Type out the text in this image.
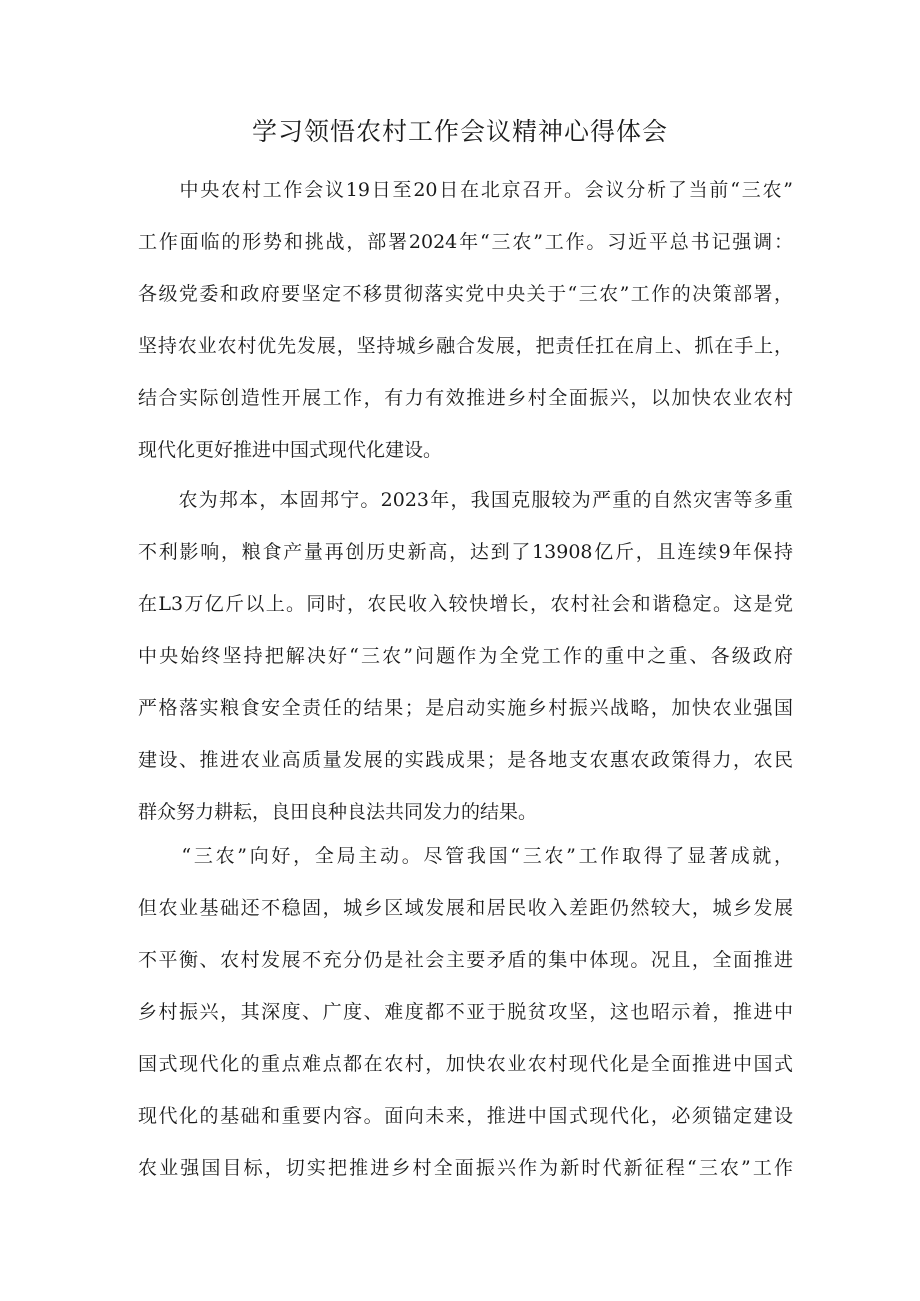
学习领悟农村工作会议精神心得体会

　　中央农村工作会议19日至20日在北京召开。会议分析了当前“三农”
工作面临的形势和挑战，部署2024年“三农”工作。习近平总书记强调：
各级党委和政府要坚定不移贯彻落实党中央关于“三农”工作的决策部署，
坚持农业农村优先发展，坚持城乡融合发展，把责任扛在肩上、抓在手上，
结合实际创造性开展工作，有力有效推进乡村全面振兴，以加快农业农村
现代化更好推进中国式现代化建设。

　　农为邦本，本固邦宁。2023年，我国克服较为严重的自然灾害等多重
不利影响，粮食产量再创历史新高，达到了13908亿斤，且连续9年保持
在L3万亿斤以上。同时，农民收入较快增长，农村社会和谐稳定。这是党
中央始终坚持把解决好“三农”问题作为全党工作的重中之重、各级政府
严格落实粮食安全责任的结果；是启动实施乡村振兴战略，加快农业强国
建设、推进农业高质量发展的实践成果；是各地支农惠农政策得力，农民
群众努力耕耘，良田良种良法共同发力的结果。

　　“三农”向好，全局主动。尽管我国“三农”工作取得了显著成就，
但农业基础还不稳固，城乡区域发展和居民收入差距仍然较大，城乡发展
不平衡、农村发展不充分仍是社会主要矛盾的集中体现。况且，全面推进
乡村振兴，其深度、广度、难度都不亚于脱贫攻坚，这也昭示着，推进中
国式现代化的重点难点都在农村，加快农业农村现代化是全面推进中国式
现代化的基础和重要内容。面向未来，推进中国式现代化，必须锚定建设
农业强国目标，切实把推进乡村全面振兴作为新时代新征程“三农”工作
